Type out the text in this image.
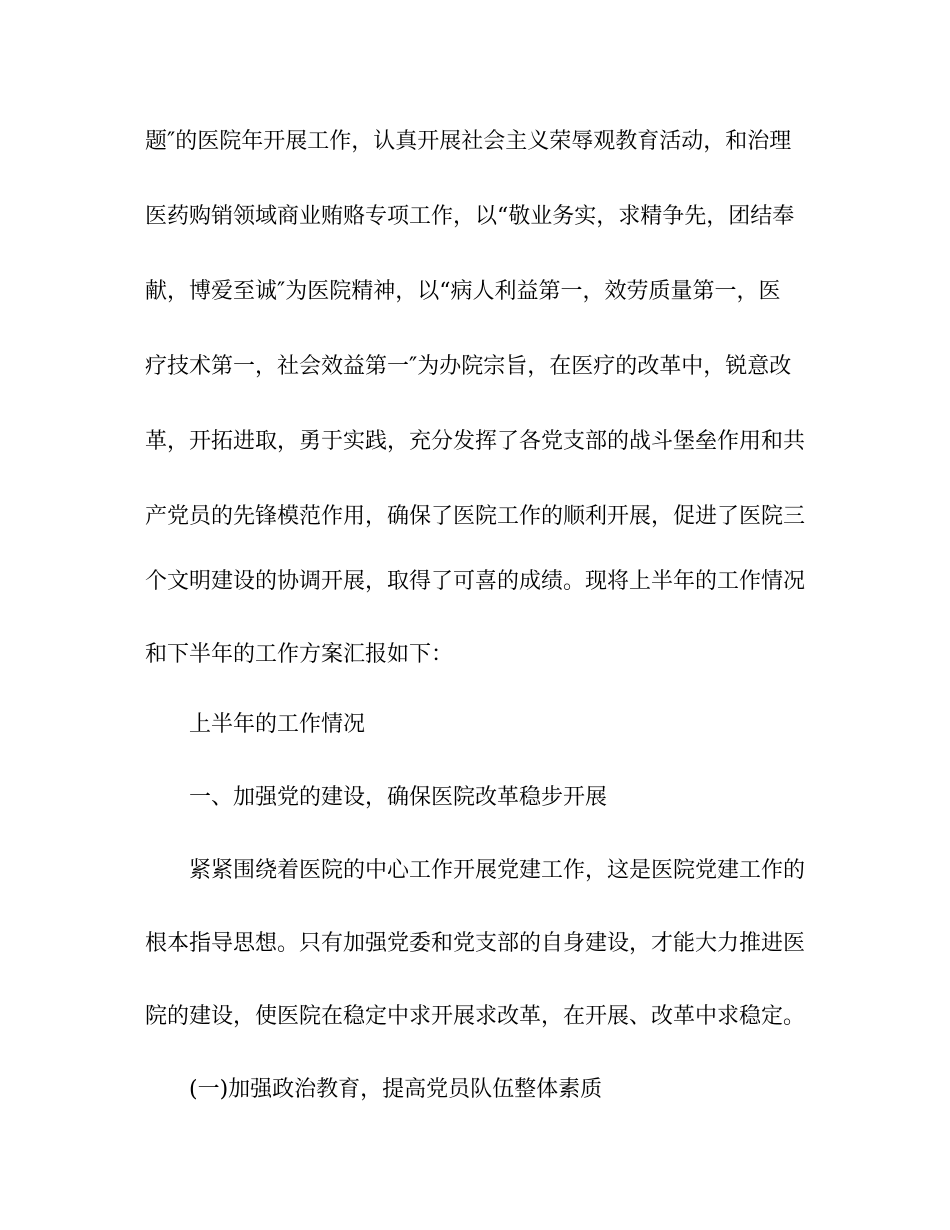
题″的医院年开展工作，认真开展社会主义荣辱观教育活动，和治理
医药购销领域商业贿赂专项工作，以“敬业务实，求精争先，团结奉
献，博爱至诚″为医院精神，以“病人利益第一，效劳质量第一，医
疗技术第一，社会效益第一″为办院宗旨，在医疗的改革中，锐意改
革，开拓进取，勇于实践，充分发挥了各党支部的战斗堡垒作用和共
产党员的先锋模范作用，确保了医院工作的顺利开展，促进了医院三
个文明建设的协调开展，取得了可喜的成绩。现将上半年的工作情况
和下半年的工作方案汇报如下：
上半年的工作情况
一、加强党的建设，确保医院改革稳步开展
紧紧围绕着医院的中心工作开展党建工作，这是医院党建工作的
根本指导思想。只有加强党委和党支部的自身建设，才能大力推进医
院的建设，使医院在稳定中求开展求改革，在开展、改革中求稳定。
(一)加强政治教育，提高党员队伍整体素质
